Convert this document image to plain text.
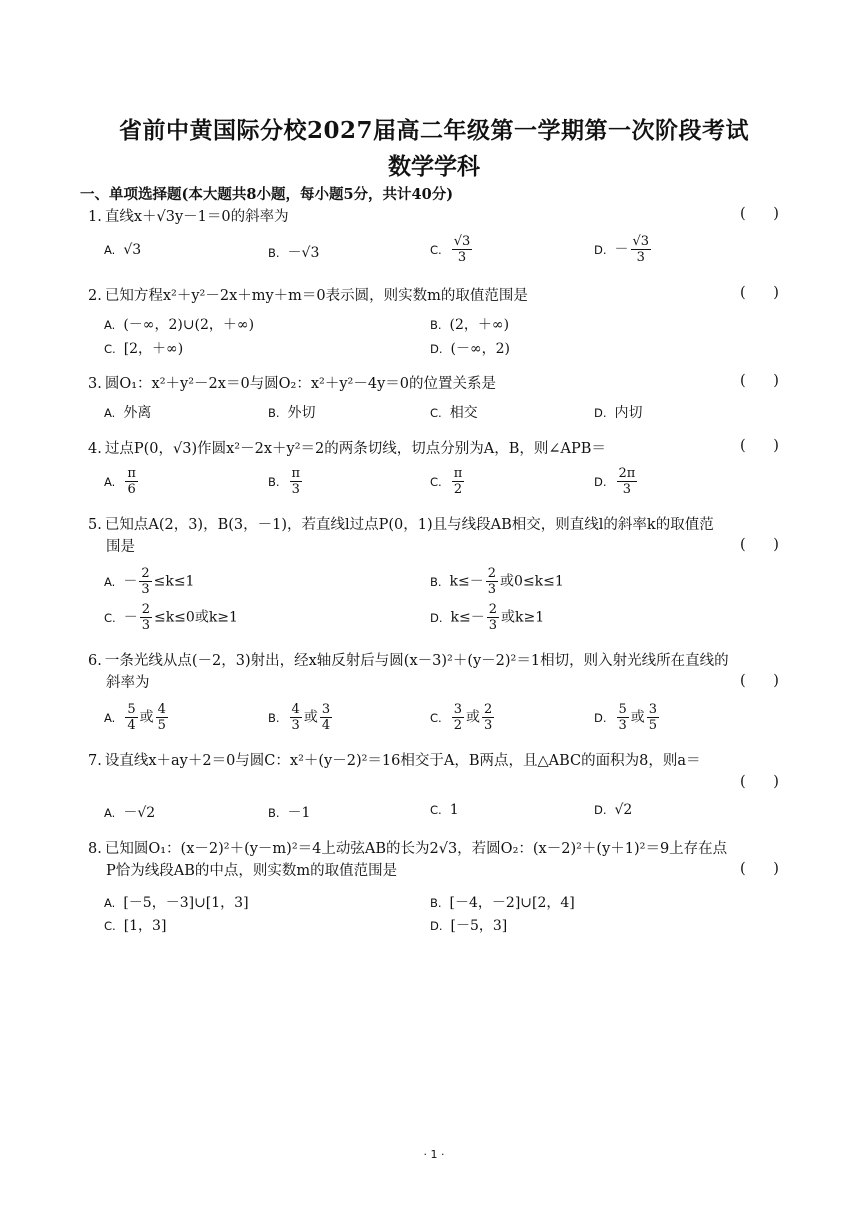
省前中黄国际分校2027届高二年级第一学期第一次阶段考试
数学学科
一、单项选择题(本大题共8小题，每小题5分，共计40分)
1. 直线x＋√3y－1＝0的斜率为	(      )
A. √3	B. －√3	C. $\frac{√3}{3}$	D. － $\frac{√3}{3}$
2. 已知方程x²＋y²－2x＋my＋m＝0表示圆，则实数m的取值范围是	(      )
A. (－∞，2)∪(2，＋∞)	B. (2，＋∞)
C. [2，＋∞)	D. (－∞，2)
3. 圆O₁：x²＋y²－2x＝0与圆O₂：x²＋y²－4y＝0的位置关系是	(      )
A. 外离	B. 外切	C. 相交	D. 内切
4. 过点P(0，√3)作圆x²－2x＋y²＝2的两条切线，切点分别为A，B，则∠APB＝	(      )
A. $\frac{\pi}{6}$	B. $\frac{\pi}{3}$	C. $\frac{\pi}{2}$	D. $\frac{2\pi}{3}$
5. 已知点A(2，3)，B(3，－1)，若直线l过点P(0，1)且与线段AB相交，则直线l的斜率k的取值范
围是	(      )
A. － $\frac{2}{3} \le k\le 1$	B. $k\le- \frac{2}{3}$ 或0≤k≤1
C. － $\frac{2}{3} \le k\le 0$或k≥1	D. $k\le- \frac{2}{3}$ 或k≥1
6. 一条光线从点(－2，3)射出，经x轴反射后与圆(x－3)²＋(y－2)²＝1相切，则入射光线所在直线的
斜率为	(      )
A. $\frac{5}{4}$ 或 $\frac{4}{5}$	B. $\frac{4}{3}$ 或 $\frac{3}{4}$	C. $\frac{3}{2}$ 或 $\frac{2}{3}$	D. $\frac{5}{3}$ 或 $\frac{3}{5}$
7. 设直线x＋ay＋2＝0与圆C：x²＋(y－2)²＝16相交于A，B两点，且△ABC的面积为8，则a＝
(      )
A. －√2	B. －1	C. 1	D. √2
8. 已知圆O₁：(x－2)²＋(y－m)²＝4上动弦AB的长为2√3，若圆O₂：(x－2)²＋(y＋1)²＝9上存在点
P恰为线段AB的中点，则实数m的取值范围是	(      )
A. [－5，－3]∪[1，3]	B. [－4，－2]∪[2，4]
C. [1，3]	D. [－5，3]
· 1 ·
